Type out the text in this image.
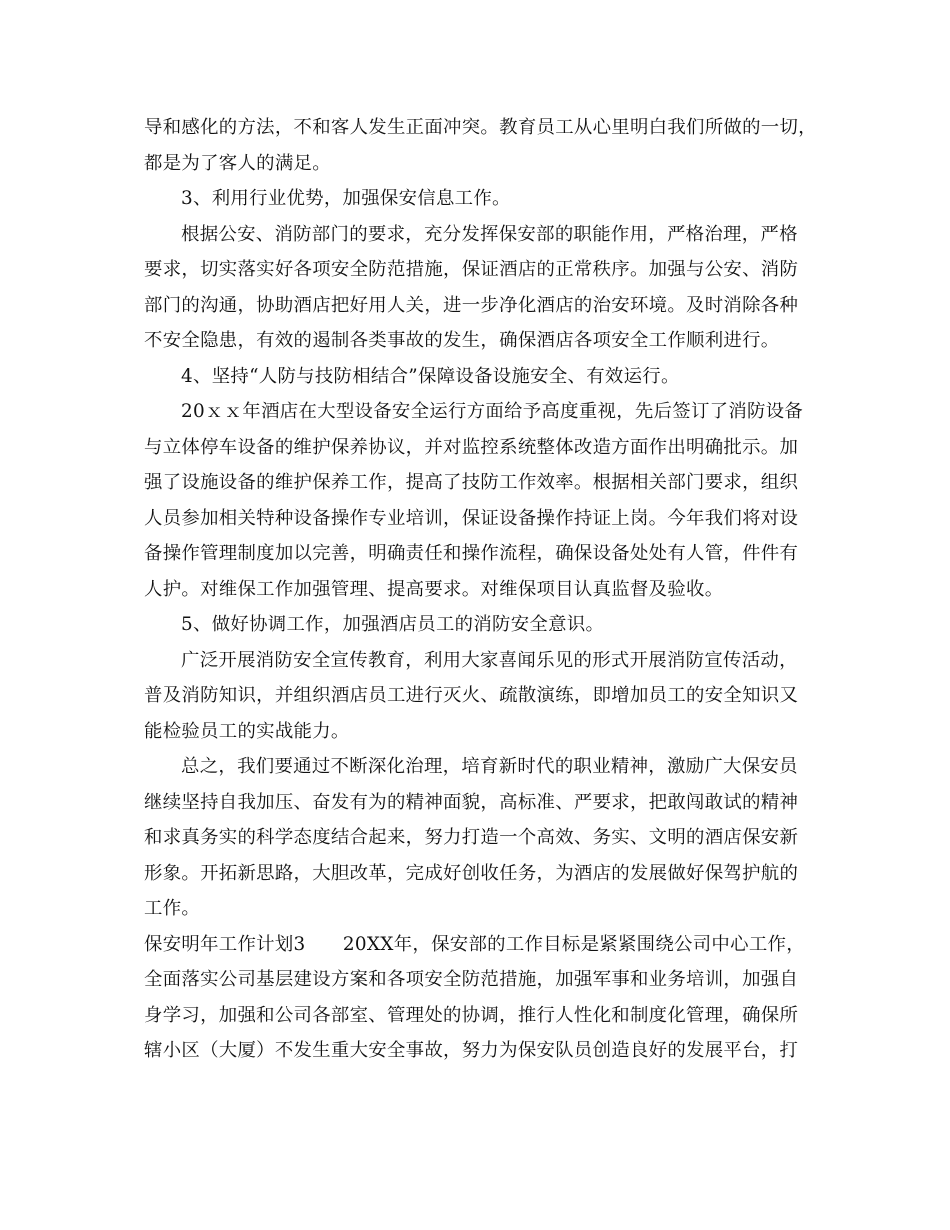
导和感化的方法，不和客人发生正面冲突。教育员工从心里明白我们所做的一切，
都是为了客人的满足。
3、利用行业优势，加强保安信息工作。
根据公安、消防部门的要求，充分发挥保安部的职能作用，严格治理，严格
要求，切实落实好各项安全防范措施，保证酒店的正常秩序。加强与公安、消防
部门的沟通，协助酒店把好用人关，进一步净化酒店的治安环境。及时消除各种
不安全隐患，有效的遏制各类事故的发生，确保酒店各项安全工作顺利进行。
4、坚持“人防与技防相结合”保障设备设施安全、有效运行。
20ｘｘ年酒店在大型设备安全运行方面给予高度重视，先后签订了消防设备
与立体停车设备的维护保养协议，并对监控系统整体改造方面作出明确批示。加
强了设施设备的维护保养工作，提高了技防工作效率。根据相关部门要求，组织
人员参加相关特种设备操作专业培训，保证设备操作持证上岗。今年我们将对设
备操作管理制度加以完善，明确责任和操作流程，确保设备处处有人管，件件有
人护。对维保工作加强管理、提高要求。对维保项目认真监督及验收。
5、做好协调工作，加强酒店员工的消防安全意识。
广泛开展消防安全宣传教育，利用大家喜闻乐见的形式开展消防宣传活动，
普及消防知识，并组织酒店员工进行灭火、疏散演练，即增加员工的安全知识又
能检验员工的实战能力。
总之，我们要通过不断深化治理，培育新时代的职业精神，激励广大保安员
继续坚持自我加压、奋发有为的精神面貌，高标准、严要求，把敢闯敢试的精神
和求真务实的科学态度结合起来，努力打造一个高效、务实、文明的酒店保安新
形象。开拓新思路，大胆改革，完成好创收任务，为酒店的发展做好保驾护航的
工作。
保安明年工作计划3　　20XX年，保安部的工作目标是紧紧围绕公司中心工作，
全面落实公司基层建设方案和各项安全防范措施，加强军事和业务培训，加强自
身学习，加强和公司各部室、管理处的协调，推行人性化和制度化管理，确保所
辖小区（大厦）不发生重大安全事故，努力为保安队员创造良好的发展平台，打
